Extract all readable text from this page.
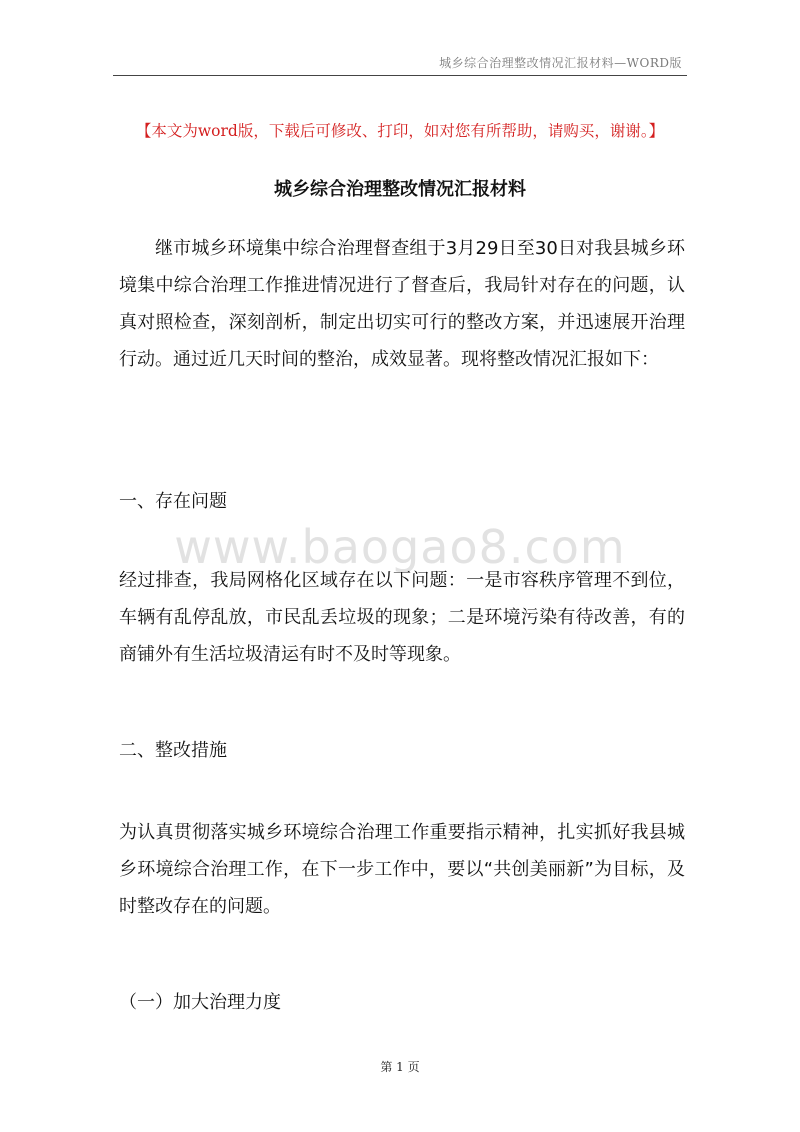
城乡综合治理整改情况汇报材料—WORD版
【本文为word版，下载后可修改、打印，如对您有所帮助，请购买，谢谢。】
城乡综合治理整改情况汇报材料
继市城乡环境集中综合治理督查组于3月29日至30日对我县城乡环境集中综合治理工作推进情况进行了督查后，我局针对存在的问题，认真对照检查，深刻剖析，制定出切实可行的整改方案，并迅速展开治理行动。通过近几天时间的整治，成效显著。现将整改情况汇报如下：
一、存在问题
www.baogao8.com
经过排查，我局网格化区域存在以下问题：一是市容秩序管理不到位，车辆有乱停乱放，市民乱丢垃圾的现象；二是环境污染有待改善，有的商铺外有生活垃圾清运有时不及时等现象。
二、整改措施
为认真贯彻落实城乡环境综合治理工作重要指示精神，扎实抓好我县城乡环境综合治理工作，在下一步工作中，要以“共创美丽新”为目标，及时整改存在的问题。
（一）加大治理力度
第 1 页
